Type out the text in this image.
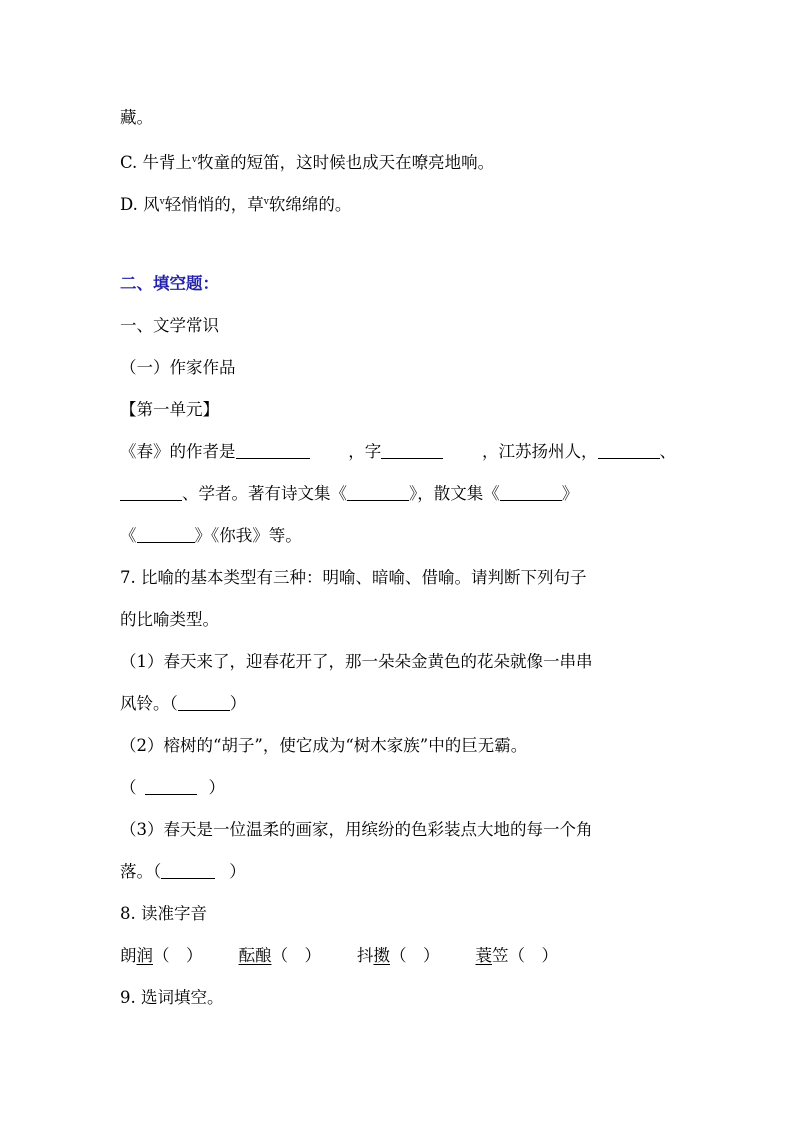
藏。
C. 牛背上$^v$牧童的短笛，这时候也成天在嘹亮地响。
D. 风$^v$轻悄悄的，草$^v$软绵绵的。
二、填空题：
一、文学常识
（一）作家作品
【第一单元】
《春》的作者是	，字	，江苏扬州人，	、
、学者。著有诗文集《	》，散文集《	》
《	》《你我》等。
7. 比喻的基本类型有三种：明喻、暗喻、借喻。请判断下列句子
的比喻类型。
（1）春天来了，迎春花开了，那一朵朵金黄色的花朵就像一串串
风铃。（	）
（2）榕树的“胡子”，使它成为“树木家族”中的巨无霸。
（	）
（3）春天是一位温柔的画家，用缤纷的色彩装点大地的每一个角
落。（	）
8. 读准字音
朗润（　） 酝酿（　） 抖擞（　） 蓑笠（　）
9. 选词填空。
